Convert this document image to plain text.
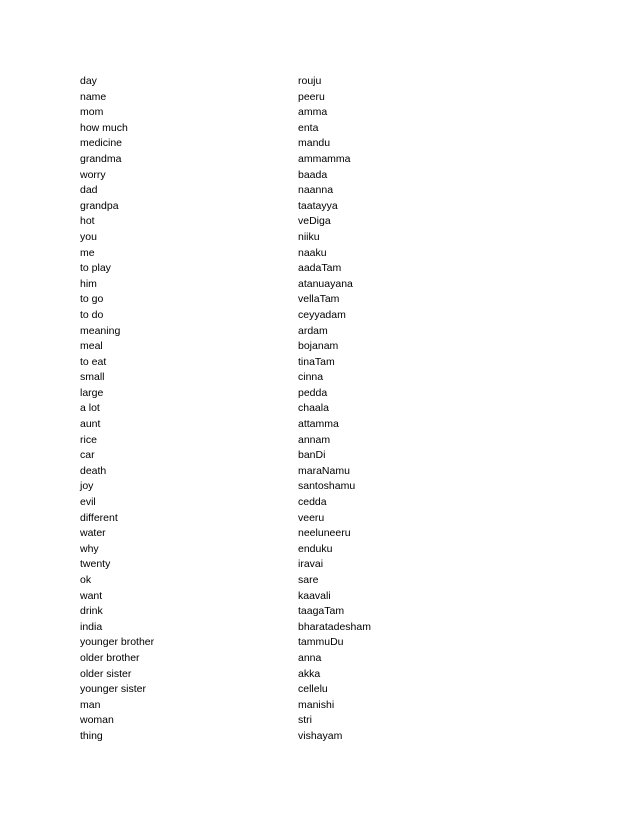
day
name
mom
how much
medicine
grandma
worry
dad
grandpa
hot
you
me
to play
him
to go
to do
meaning
meal
to eat
small
large
a lot
aunt
rice
car
death
joy
evil
different
water
why
twenty
ok
want
drink
india
younger brother
older brother
older sister
younger sister
man
woman
thing
rouju
peeru
amma
enta
mandu
ammamma
baada
naanna
taatayya
veDiga
niiku
naaku
aadaTam
atanuayana
vellaTam
ceyyadam
ardam
bojanam
tinaTam
cinna
pedda
chaala
attamma
annam
banDi
maraNamu
santoshamu
cedda
veeru
neeluneeru
enduku
iravai
sare
kaavali
taagaTam
bharatadesham
tammuDu
anna
akka
cellelu
manishi
stri
vishayam
